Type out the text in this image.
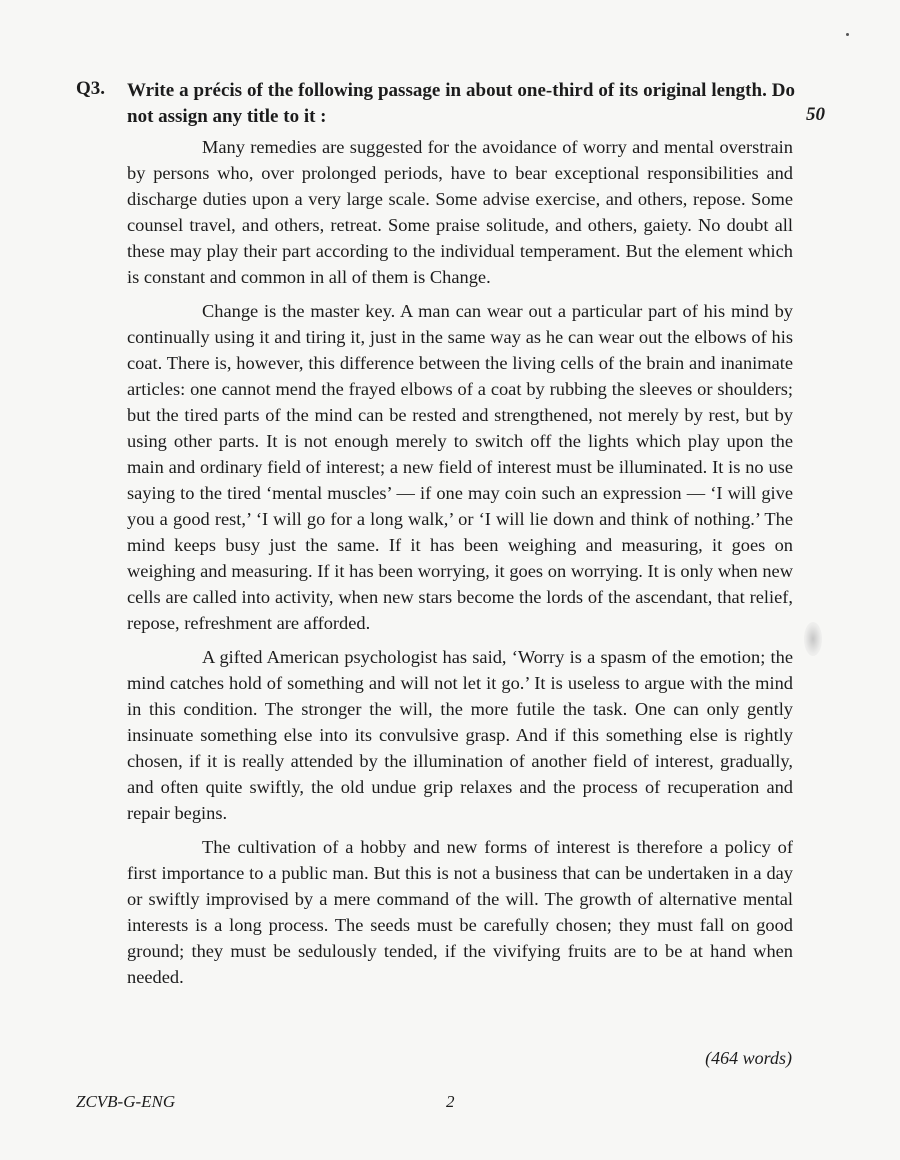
Q3. Write a précis of the following passage in about one-third of its original length. Do not assign any title to it :	50

Many remedies are suggested for the avoidance of worry and mental overstrain by persons who, over prolonged periods, have to bear exceptional responsibilities and discharge duties upon a very large scale. Some advise exercise, and others, repose. Some counsel travel, and others, retreat. Some praise solitude, and others, gaiety. No doubt all these may play their part according to the individual temperament. But the element which is constant and common in all of them is Change.

Change is the master key. A man can wear out a particular part of his mind by continually using it and tiring it, just in the same way as he can wear out the elbows of his coat. There is, however, this difference between the living cells of the brain and inanimate articles: one cannot mend the frayed elbows of a coat by rubbing the sleeves or shoulders; but the tired parts of the mind can be rested and strengthened, not merely by rest, but by using other parts. It is not enough merely to switch off the lights which play upon the main and ordinary field of interest; a new field of interest must be illuminated. It is no use saying to the tired ‘mental muscles’ — if one may coin such an expression — ‘I will give you a good rest,’ ‘I will go for a long walk,’ or ‘I will lie down and think of nothing.’ The mind keeps busy just the same. If it has been weighing and measuring, it goes on weighing and measuring. If it has been worrying, it goes on worrying. It is only when new cells are called into activity, when new stars become the lords of the ascendant, that relief, repose, refreshment are afforded.

A gifted American psychologist has said, ‘Worry is a spasm of the emotion; the mind catches hold of something and will not let it go.’ It is useless to argue with the mind in this condition. The stronger the will, the more futile the task. One can only gently insinuate something else into its convulsive grasp. And if this something else is rightly chosen, if it is really attended by the illumination of another field of interest, gradually, and often quite swiftly, the old undue grip relaxes and the process of recuperation and repair begins.

The cultivation of a hobby and new forms of interest is therefore a policy of first importance to a public man. But this is not a business that can be undertaken in a day or swiftly improvised by a mere command of the will. The growth of alternative mental interests is a long process. The seeds must be carefully chosen; they must fall on good ground; they must be sedulously tended, if the vivifying fruits are to be at hand when needed.

(464 words)
ZCVB-G-ENG	2
